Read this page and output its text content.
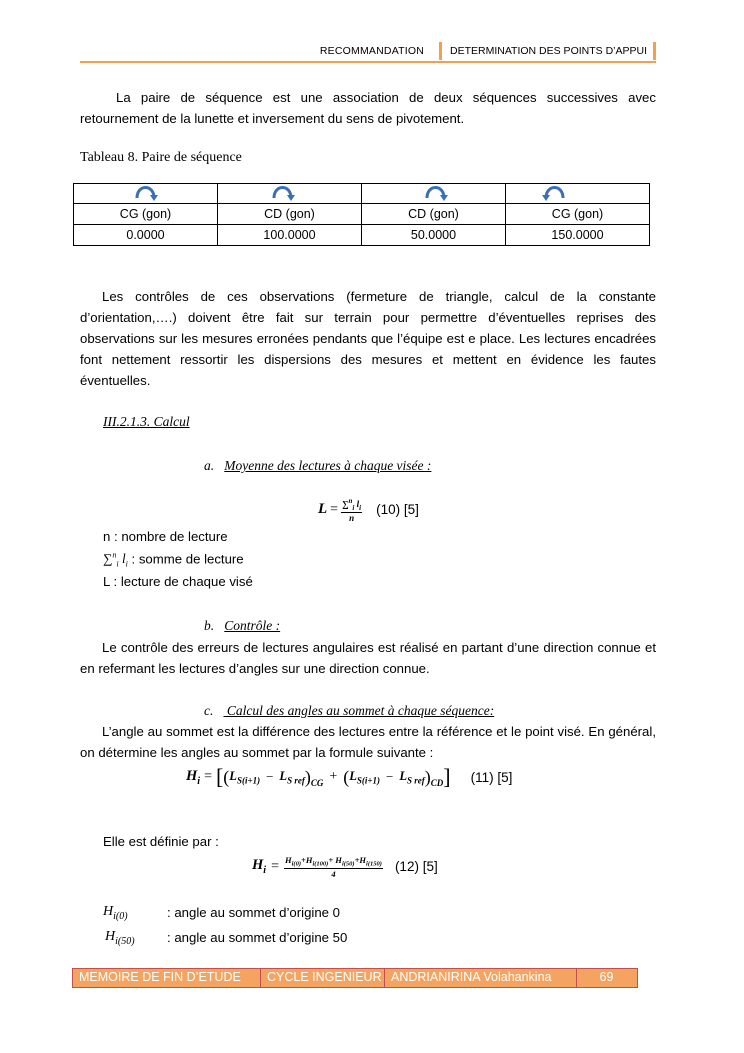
RECOMMANDATION	DETERMINATION DES POINTS D’APPUI
La paire de séquence est une association de deux séquences successives avec retournement de la lunette et inversement du sens de pivotement.
Tableau 8. Paire de séquence

CG (gon)	CD (gon)	CD (gon)	CG (gon)
0.0000	100.0000	50.0000	150.0000
Les contrôles de ces observations (fermeture de triangle, calcul de la constante d’orientation,….) doivent être fait sur terrain pour permettre d’éventuelles reprises des observations sur les mesures erronées pendants que l’équipe est e place. Les lectures encadrées font nettement ressortir les dispersions des mesures et mettent en évidence les fautes éventuelles.
III.2.1.3. Calcul
a. Moyenne des lectures à chaque visée :
$L = \frac{\sum^n_i l_i}{n} (10)$ [5]
n : nombre de lecture
∑$^n_i$ $l_i$ : somme de lecture
L : lecture de chaque visé
b. Contrôle :
Le contrôle des erreurs de lectures angulaires est réalisé en partant d’une direction connue et en refermant les lectures d’angles sur une direction connue.
c.    Calcul des angles au sommet à chaque séquence:
L’angle au sommet est la différence des lectures entre la référence et le point visé. En général, on détermine les angles au sommet par la formule suivante :
$H_i$ = [ ( $L_{S(i+1)} - L_{S ref}$ )$_{CG}$ + ( $L_{S(i+1)} - L_{S ref}$ )$_{CD}$ ] (11) [5]
Elle est définie par :
$H_i = \frac{H_{i(0)}+H_{i(100)}+ H_{i(50)}+H_{i(150)}}{4} (12)$ [5]
$H_{i(0)}$	: angle au sommet d’origine 0
$H_{i(50)}$	: angle au sommet d’origine 50
MEMOIRE DE FIN D’ETUDE	CYCLE INGENIEUR ANDRIANIRINA Volahankina	69
